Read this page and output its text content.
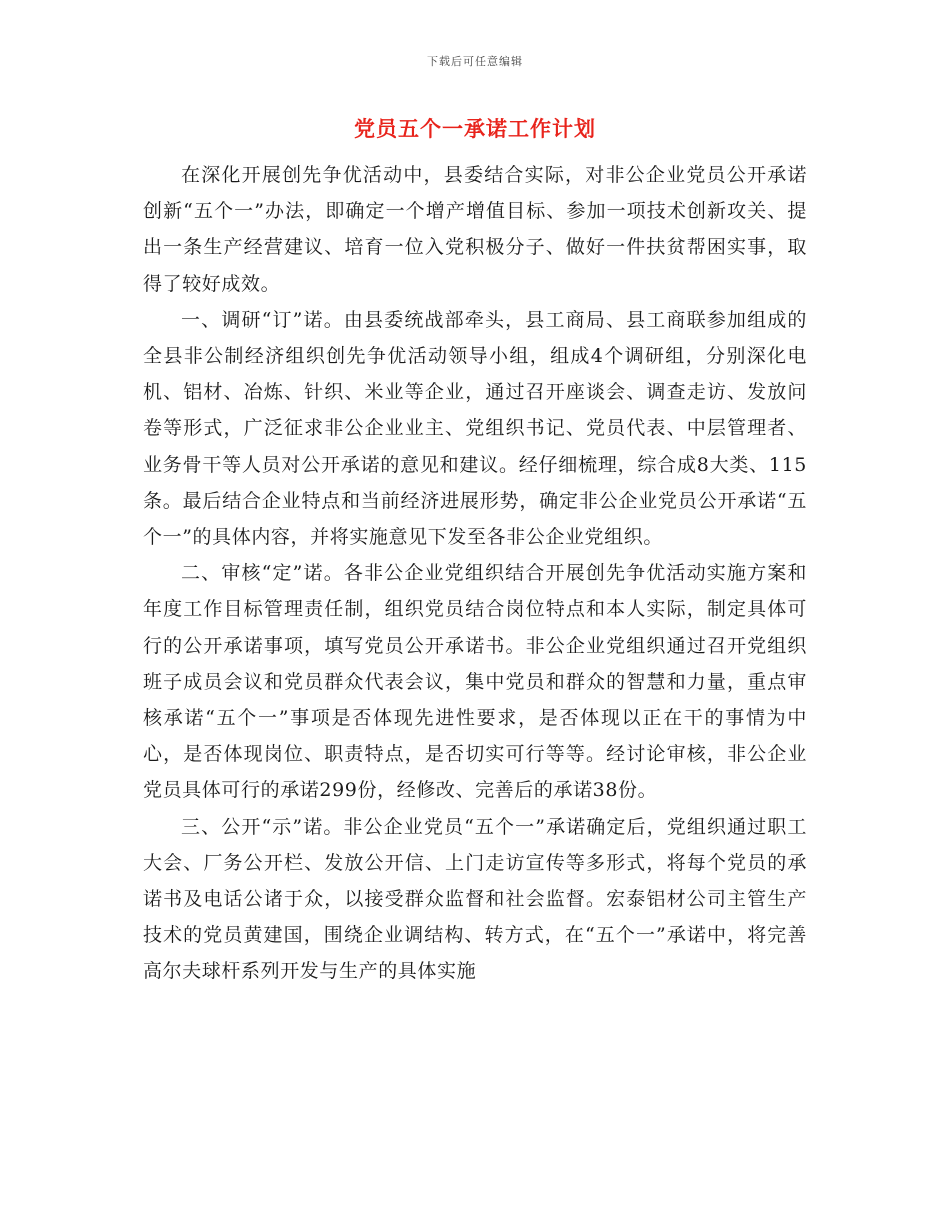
下载后可任意编辑
党员五个一承诺工作计划

在深化开展创先争优活动中，县委结合实际，对非公企业党员公开承诺创新“五个一”办法，即确定一个增产增值目标、参加一项技术创新攻关、提出一条生产经营建议、培育一位入党积极分子、做好一件扶贫帮困实事，取得了较好成效。

一、调研“订”诺。由县委统战部牵头，县工商局、县工商联参加组成的全县非公制经济组织创先争优活动领导小组，组成4个调研组，分别深化电机、铝材、冶炼、针织、米业等企业，通过召开座谈会、调查走访、发放问卷等形式，广泛征求非公企业业主、党组织书记、党员代表、中层管理者、业务骨干等人员对公开承诺的意见和建议。经仔细梳理，综合成8大类、115条。最后结合企业特点和当前经济进展形势，确定非公企业党员公开承诺“五个一”的具体内容，并将实施意见下发至各非公企业党组织。

二、审核“定”诺。各非公企业党组织结合开展创先争优活动实施方案和年度工作目标管理责任制，组织党员结合岗位特点和本人实际，制定具体可行的公开承诺事项，填写党员公开承诺书。非公企业党组织通过召开党组织班子成员会议和党员群众代表会议，集中党员和群众的智慧和力量，重点审核承诺“五个一”事项是否体现先进性要求，是否体现以正在干的事情为中心，是否体现岗位、职责特点，是否切实可行等等。经讨论审核，非公企业党员具体可行的承诺299份，经修改、完善后的承诺38份。

三、公开“示”诺。非公企业党员“五个一”承诺确定后，党组织通过职工大会、厂务公开栏、发放公开信、上门走访宣传等多形式，将每个党员的承诺书及电话公诸于众，以接受群众监督和社会监督。宏泰铝材公司主管生产技术的党员黄建国，围绕企业调结构、转方式，在“五个一”承诺中，将完善高尔夫球杆系列开发与生产的具体实施
